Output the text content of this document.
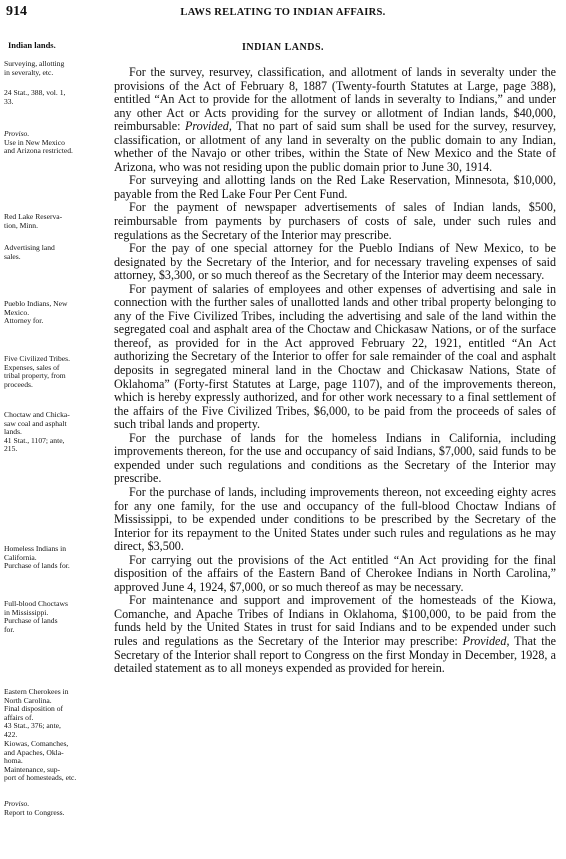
914	LAWS RELATING TO INDIAN AFFAIRS.
Indian lands.	INDIAN LANDS.
Surveying, allotting
in severalty, etc.
24 Stat., 388, vol. 1,
33.
Proviso.
Use in New Mexico
and Arizona restricted.
Red Lake Reserva-
tion, Minn.
Advertising land
sales.
Pueblo Indians, New
Mexico.
Attorney for.
Five Civilized Tribes.
Expenses, sales of
tribal property, from
proceeds.
Choctaw and Chicka-
saw coal and asphalt
lands.
41 Stat., 1107; ante,
215.
Homeless Indians in
California.
Purchase of lands for.
Full-blood Choctaws
in Mississippi.
Purchase of lands
for.
Eastern Cherokees in
North Carolina.
Final disposition of
affairs of.
43 Stat., 376; ante,
422.
Kiowas, Comanches,
and Apaches, Okla-
homa.
Maintenance, sup-
port of homesteads, etc.
Proviso.
Report to Congress.

For the survey, resurvey, classification, and allotment of lands in severalty under the provisions of the Act of February 8, 1887 (Twenty-fourth Statutes at Large, page 388), entitled “An Act to provide for the allotment of lands in severalty to Indians,” and under any other Act or Acts providing for the survey or allotment of Indian lands, $40,000, reimbursable: Provided, That no part of said sum shall be used for the survey, resurvey, classification, or allotment of any land in severalty on the public domain to any Indian, whether of the Navajo or other tribes, within the State of New Mexico and the State of Arizona, who was not residing upon the public domain prior to June 30, 1914.

For surveying and allotting lands on the Red Lake Reservation, Minnesota, $10,000, payable from the Red Lake Four Per Cent Fund.

For the payment of newspaper advertisements of sales of Indian lands, $500, reimbursable from payments by purchasers of costs of sale, under such rules and regulations as the Secretary of the Interior may prescribe.

For the pay of one special attorney for the Pueblo Indians of New Mexico, to be designated by the Secretary of the Interior, and for necessary traveling expenses of said attorney, $3,300, or so much thereof as the Secretary of the Interior may deem necessary.

For payment of salaries of employees and other expenses of advertising and sale in connection with the further sales of unallotted lands and other tribal property belonging to any of the Five Civilized Tribes, including the advertising and sale of the land within the segregated coal and asphalt area of the Choctaw and Chickasaw Nations, or of the surface thereof, as provided for in the Act approved February 22, 1921, entitled “An Act authorizing the Secretary of the Interior to offer for sale remainder of the coal and asphalt deposits in segregated mineral land in the Choctaw and Chickasaw Nations, State of Oklahoma” (Forty-first Statutes at Large, page 1107), and of the improvements thereon, which is hereby expressly authorized, and for other work necessary to a final settlement of the affairs of the Five Civilized Tribes, $6,000, to be paid from the proceeds of sales of such tribal lands and property.

For the purchase of lands for the homeless Indians in California, including improvements thereon, for the use and occupancy of said Indians, $7,000, said funds to be expended under such regulations and conditions as the Secretary of the Interior may prescribe.

For the purchase of lands, including improvements thereon, not exceeding eighty acres for any one family, for the use and occupancy of the full-blood Choctaw Indians of Mississippi, to be expended under conditions to be prescribed by the Secretary of the Interior for its repayment to the United States under such rules and regulations as he may direct, $3,500.

For carrying out the provisions of the Act entitled “An Act providing for the final disposition of the affairs of the Eastern Band of Cherokee Indians in North Carolina,” approved June 4, 1924, $7,000, or so much thereof as may be necessary.

For maintenance and support and improvement of the homesteads of the Kiowa, Comanche, and Apache Tribes of Indians in Oklahoma, $100,000, to be paid from the funds held by the United States in trust for said Indians and to be expended under such rules and regulations as the Secretary of the Interior may prescribe: Provided, That the Secretary of the Interior shall report to Congress on the first Monday in December, 1928, a detailed statement as to all moneys expended as provided for herein.
